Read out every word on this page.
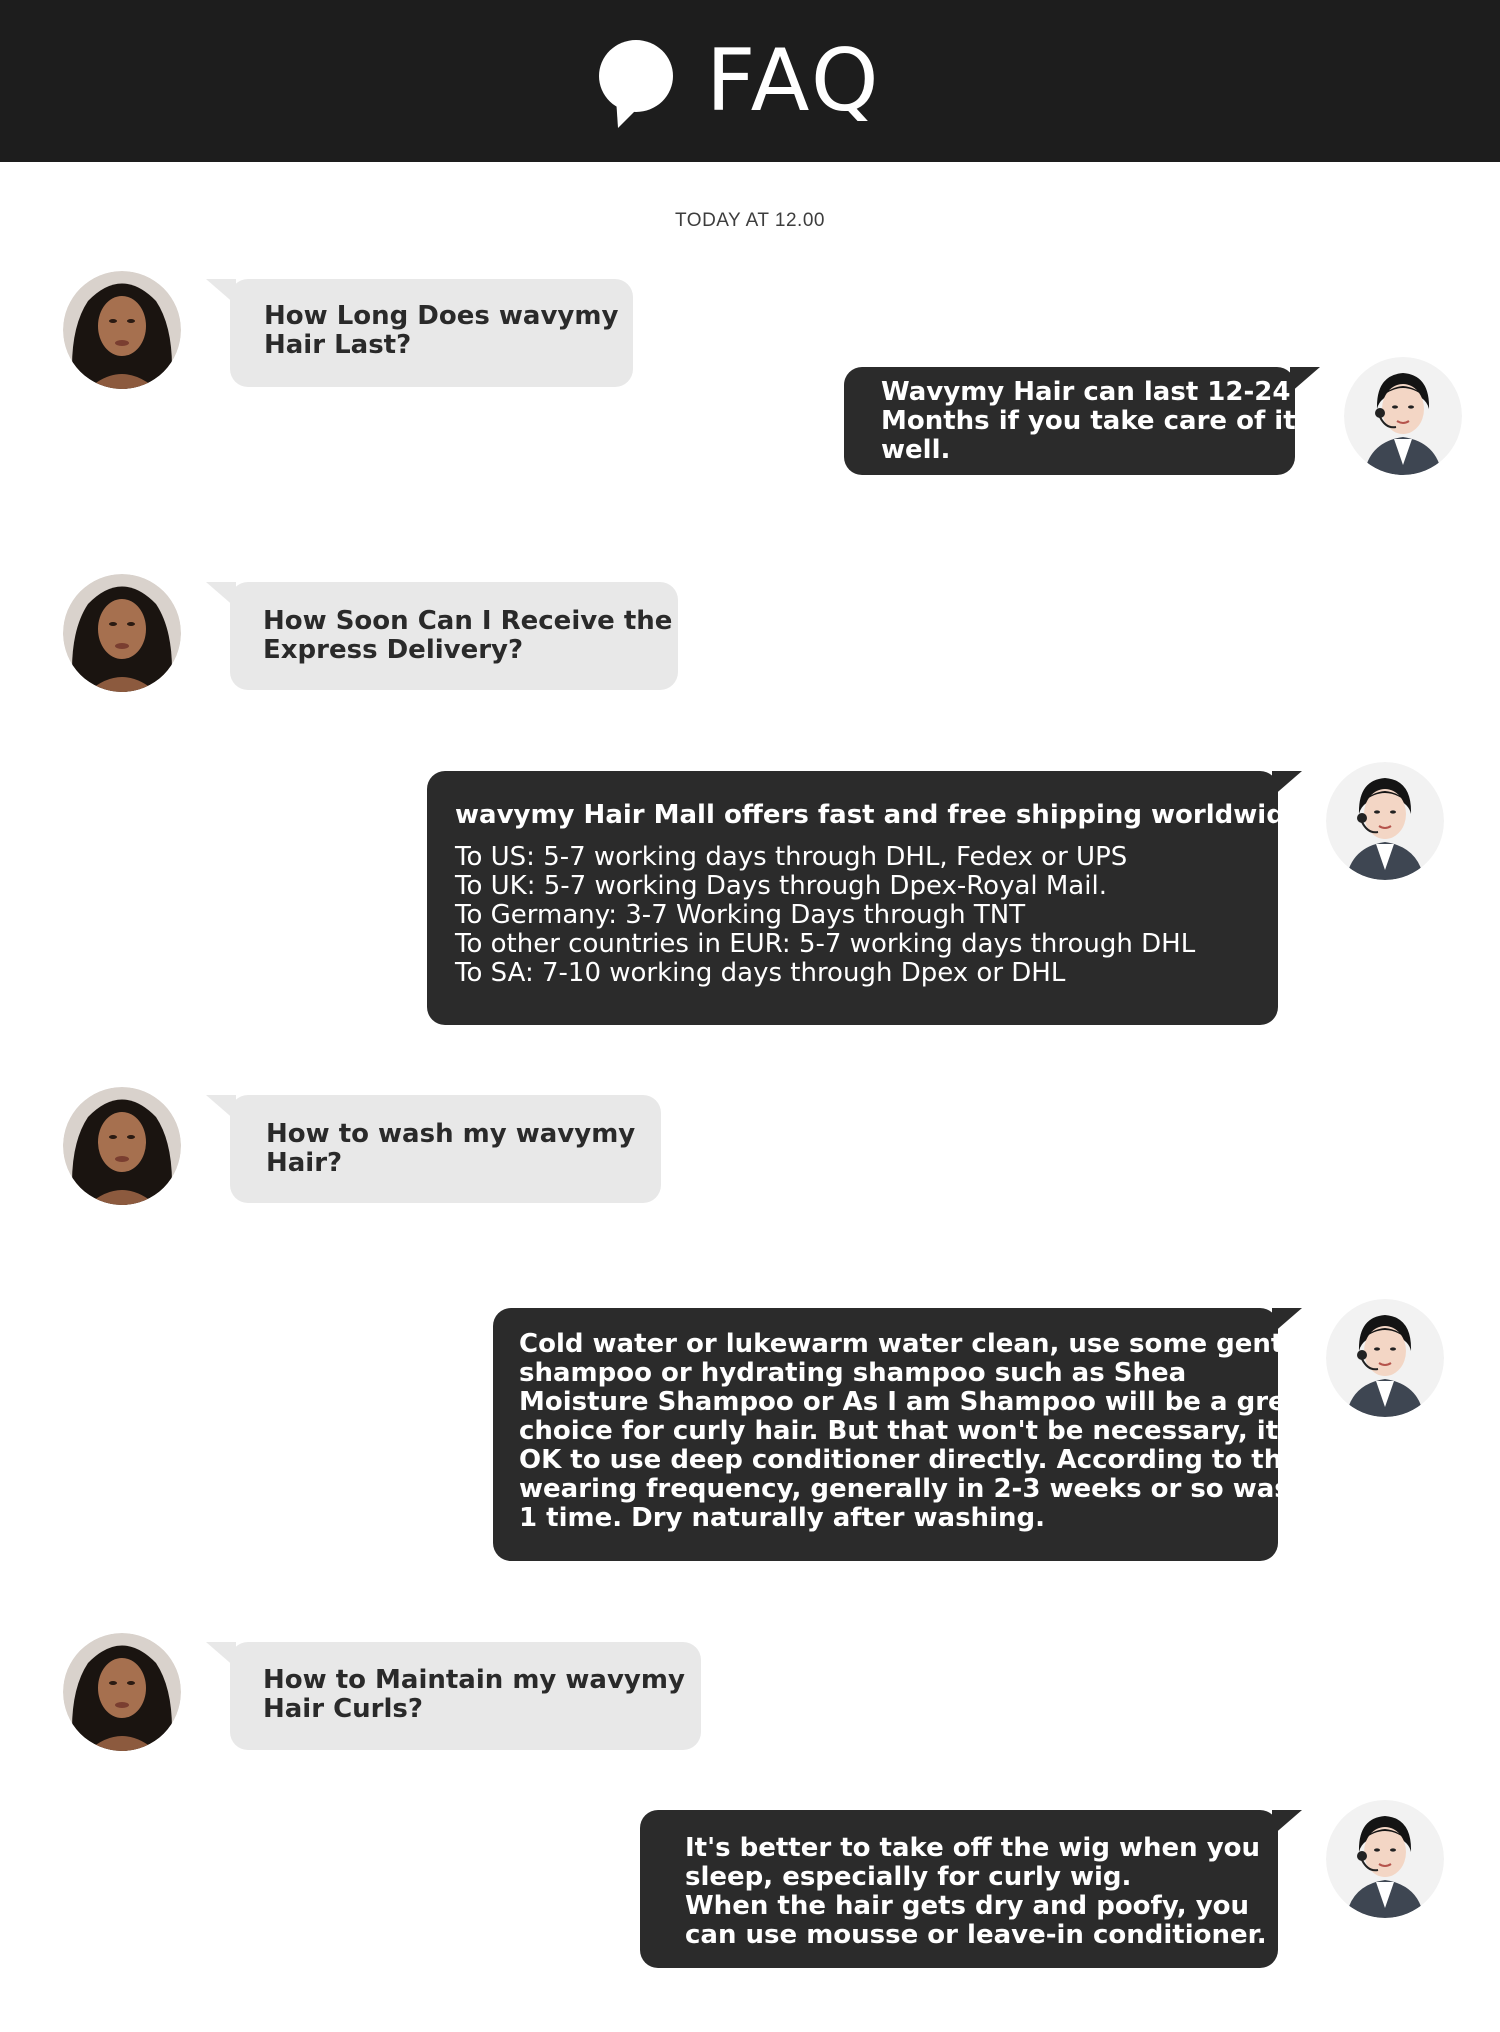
FAQ
TODAY AT 12.00
How Long Does wavymy
Hair Last?
Wavymy Hair can last 12-24
Months if you take care of it
well.
How Soon Can I Receive the
Express Delivery?
wavymy Hair Mall offers fast and free shipping worldwide.
To US: 5-7 working days through DHL, Fedex or UPS
To UK: 5-7 working Days through Dpex-Royal Mail.
To Germany: 3-7 Working Days through TNT
To other countries in EUR: 5-7 working days through DHL
To SA: 7-10 working days through Dpex or DHL
How to wash my wavymy
Hair?
Cold water or lukewarm water clean, use some gentle
shampoo or hydrating shampoo such as Shea
Moisture Shampoo or As I am Shampoo will be a great
choice for curly hair. But that won't be necessary, it's
OK to use deep conditioner directly. According to the
wearing frequency, generally in 2-3 weeks or so wash
1 time. Dry naturally after washing.
How to Maintain my wavymy
Hair Curls?
It's better to take off the wig when you
sleep, especially for curly wig.
When the hair gets dry and poofy, you
can use mousse or leave-in conditioner.
